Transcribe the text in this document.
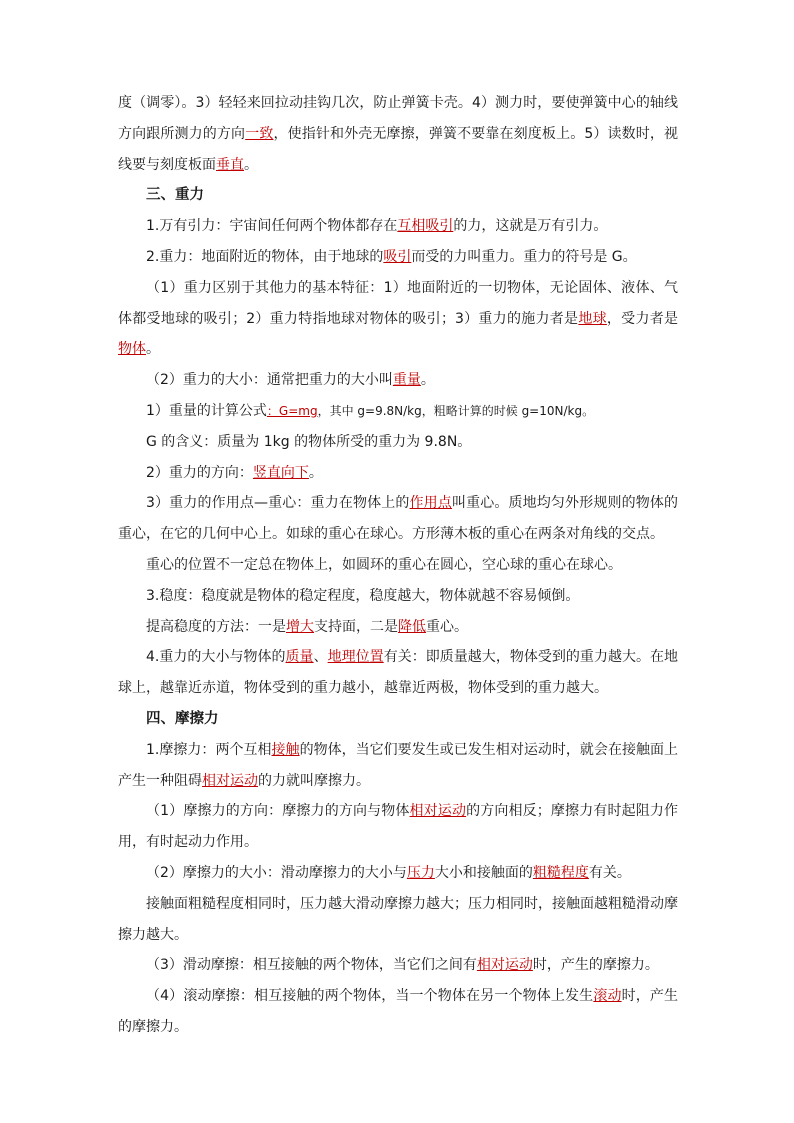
度（调零）。3）轻轻来回拉动挂钩几次，防止弹簧卡壳。4）测力时，要使弹簧中心的轴线方向跟所测力的方向一致，使指针和外壳无摩擦，弹簧不要靠在刻度板上。5）读数时，视线要与刻度板面垂直。

三、重力

1.万有引力：宇宙间任何两个物体都存在互相吸引的力，这就是万有引力。

2.重力：地面附近的物体，由于地球的吸引而受的力叫重力。重力的符号是 G。

（1）重力区别于其他力的基本特征：1）地面附近的一切物体，无论固体、液体、气体都受地球的吸引；2）重力特指地球对物体的吸引；3）重力的施力者是地球，受力者是物体。

（2）重力的大小：通常把重力的大小叫重量。

1）重量的计算公式：G=mg，其中 g=9.8N/kg，粗略计算的时候 g=10N/kg。

G 的含义：质量为 1kg 的物体所受的重力为 9.8N。

2）重力的方向：竖直向下。

3）重力的作用点—重心：重力在物体上的作用点叫重心。质地均匀外形规则的物体的重心，在它的几何中心上。如球的重心在球心。方形薄木板的重心在两条对角线的交点。

重心的位置不一定总在物体上，如圆环的重心在圆心，空心球的重心在球心。

3.稳度：稳度就是物体的稳定程度，稳度越大，物体就越不容易倾倒。

提高稳度的方法：一是增大支持面，二是降低重心。

4.重力的大小与物体的质量、地理位置有关：即质量越大，物体受到的重力越大。在地球上，越靠近赤道，物体受到的重力越小，越靠近两极，物体受到的重力越大。

四、摩擦力

1.摩擦力：两个互相接触的物体，当它们要发生或已发生相对运动时，就会在接触面上产生一种阻碍相对运动的力就叫摩擦力。

（1）摩擦力的方向：摩擦力的方向与物体相对运动的方向相反；摩擦力有时起阻力作用，有时起动力作用。

（2）摩擦力的大小：滑动摩擦力的大小与压力大小和接触面的粗糙程度有关。

接触面粗糙程度相同时，压力越大滑动摩擦力越大；压力相同时，接触面越粗糙滑动摩擦力越大。

（3）滑动摩擦：相互接触的两个物体，当它们之间有相对运动时，产生的摩擦力。

（4）滚动摩擦：相互接触的两个物体，当一个物体在另一个物体上发生滚动时，产生的摩擦力。
